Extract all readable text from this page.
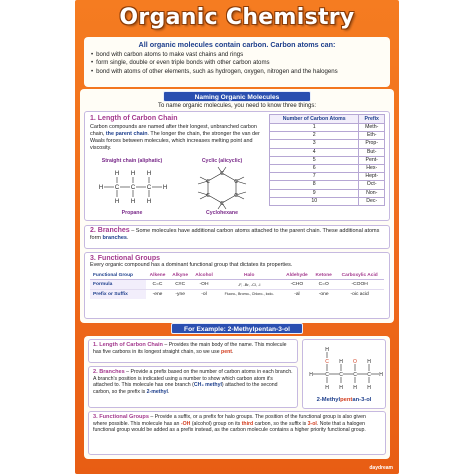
Organic Chemistry
All organic molecules contain carbon. Carbon atoms can:
• bond with carbon atoms to make vast chains and rings
• form single, double or even triple bonds with other carbon atoms
• bond with atoms of other elements, such as hydrogen, oxygen, nitrogen and the halogens
Naming Organic Molecules
To name organic molecules, you need to know three things:
1. Length of Carbon Chain
Carbon compounds are named after their longest, unbranched carbon chain, the parent chain. The longer the chain, the stronger the van der Waals forces between molecules, which increases melting point and viscosity.
Straight chain (aliphatic)
H	H
C C C
H H H
H H H
Propane
Cyclic (alicyclic)
C
C
C
C
C
C
Cyclohexane
Number of Carbon Atoms	Prefix
1	Meth-
2	Eth-
3	Prop-
4	But-
5	Pent-
6	Hex-
7	Hept-
8	Oct-
9	Non-
10	Dec-
2. Branches – Some molecules have additional carbon atoms attached to the parent chain. These additional atoms form branches.
3. Functional Groups
Every organic compound has a dominant functional group that dictates its properties.
Functional Group	Alkene	Alkyne	Alcohol	Halo	Aldehyde	Ketone	Carboxylic Acid
Formula	C=C	C≡C	-OH	-F, -Br, -Cl, -I	-CHO	C=O	-COOH
Prefix or Suffix	-ene	-yne	-ol	Fluoro-, Bromo-, Chloro-, Iodo-	-al	-one	-oic acid
For Example: 2-Methylpentan-3-ol
1. Length of Carbon Chain – Provides the main body of the name. This molecule has five carbons in its longest straight chain, so we use pent.
2. Branches – Provide a prefix based on the number of carbon atoms in each branch. A branch's position is indicated using a number to show which carbon atom it's attached to. This molecule has one branch (CH₃ methyl) attached to the second carbon, so the prefix is 2-methyl.
H C C C C H
C
H
H O H
H H H H
2-Methylpentan-3-ol
3. Functional Groups – Provide a suffix, or a prefix for halo groups. The position of the functional group is also given where possible. This molecule has an -OH (alcohol) group on its third carbon, so the suffix is 3-ol. Note that a halogen functional group would be added as a prefix instead, as the carbon molecule contains a higher priority functional group.
daydream
